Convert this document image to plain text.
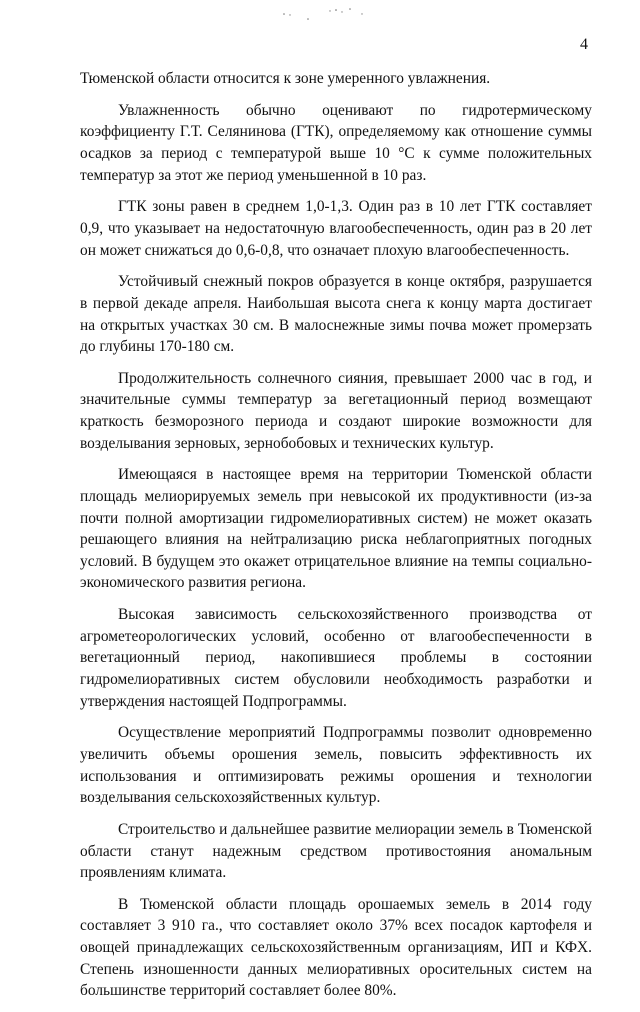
4

Тюменской области относится к зоне умеренного увлажнения.

Увлажненность обычно оценивают по гидротермическому коэффициенту Г.Т. Селянинова (ГТК), определяемому как отношение суммы осадков за период с температурой выше 10 °С к сумме положительных температур за этот же период уменьшенной в 10 раз.

ГТК зоны равен в среднем 1,0-1,3. Один раз в 10 лет ГТК составляет 0,9, что указывает на недостаточную влагообеспеченность, один раз в 20 лет он может снижаться до 0,6-0,8, что означает плохую влагообеспеченность.

Устойчивый снежный покров образуется в конце октября, разрушается в первой декаде апреля. Наибольшая высота снега к концу марта достигает на открытых участках 30 см. В малоснежные зимы почва может промерзать до глубины 170-180 см.

Продолжительность солнечного сияния, превышает 2000 час в год, и значительные суммы температур за вегетационный период возмещают краткость безморозного периода и создают широкие возможности для возделывания зерновых, зернобобовых и технических культур.

Имеющаяся в настоящее время на территории Тюменской области площадь мелиорируемых земель при невысокой их продуктивности (из-за почти полной амортизации гидромелиоративных систем) не может оказать решающего влияния на нейтрализацию риска неблагоприятных погодных условий. В будущем это окажет отрицательное влияние на темпы социально-экономического развития региона.

Высокая зависимость сельскохозяйственного производства от агрометеорологических условий, особенно от влагообеспеченности в вегетационный период, накопившиеся проблемы в состоянии гидромелиоративных систем обусловили необходимость разработки и утверждения настоящей Подпрограммы.

Осуществление мероприятий Подпрограммы позволит одновременно увеличить объемы орошения земель, повысить эффективность их использования и оптимизировать режимы орошения и технологии возделывания сельскохозяйственных культур.

Строительство и дальнейшее развитие мелиорации земель в Тюменской области станут надежным средством противостояния аномальным проявлениям климата.

В Тюменской области площадь орошаемых земель в 2014 году составляет 3 910 га., что составляет около 37% всех посадок картофеля и овощей принадлежащих сельскохозяйственным организациям, ИП и КФХ. Степень изношенности данных мелиоративных оросительных систем на большинстве территорий составляет более 80%.
